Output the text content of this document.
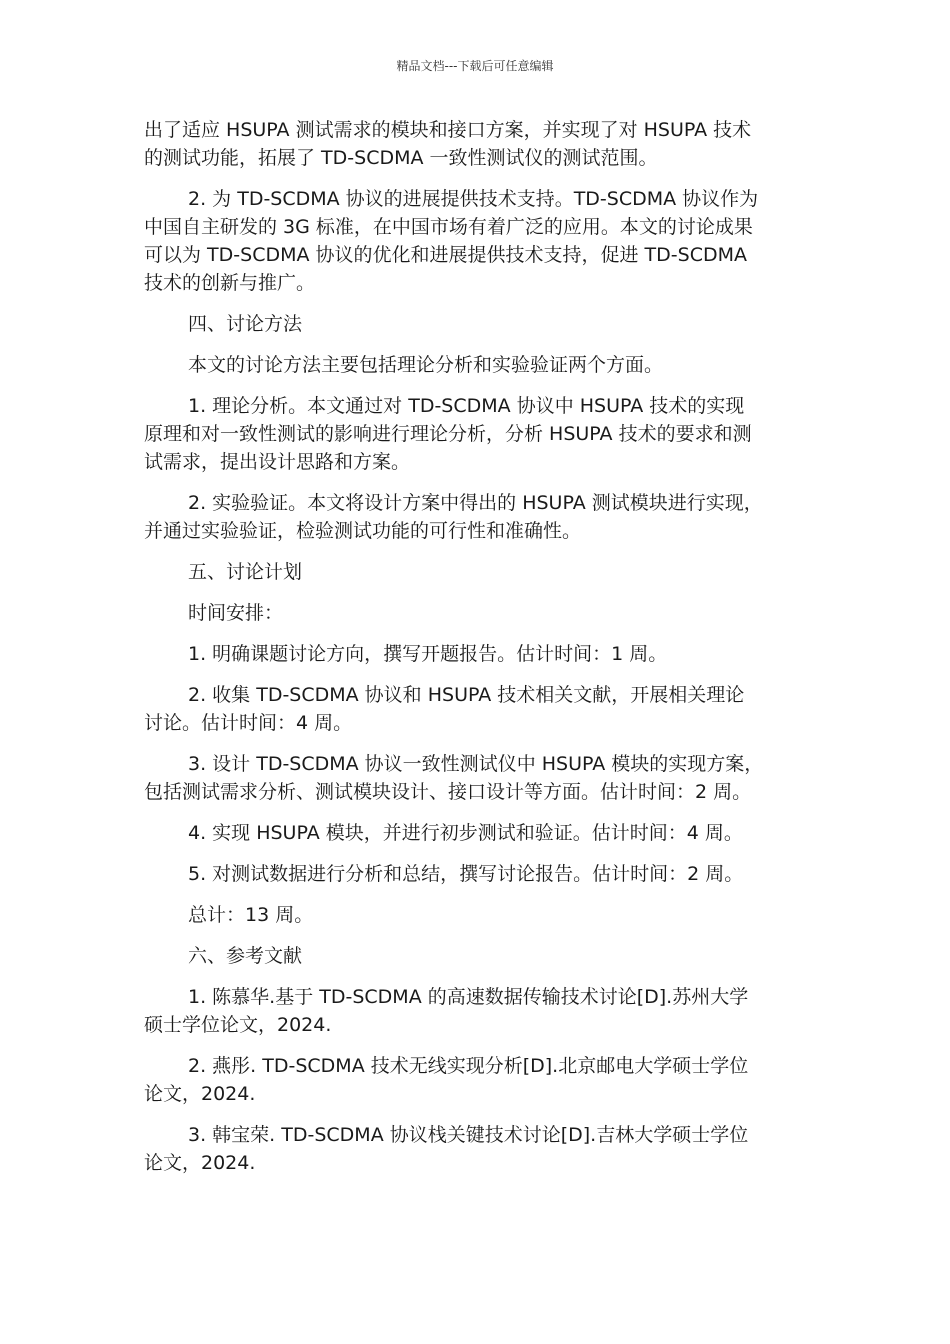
精品文档---下载后可任意编辑

出了适应 HSUPA 测试需求的模块和接口方案，并实现了对 HSUPA 技术
的测试功能，拓展了 TD-SCDMA 一致性测试仪的测试范围。

2. 为 TD-SCDMA 协议的进展提供技术支持。TD-SCDMA 协议作为
中国自主研发的 3G 标准，在中国市场有着广泛的应用。本文的讨论成果
可以为 TD-SCDMA 协议的优化和进展提供技术支持，促进 TD-SCDMA
技术的创新与推广。

四、讨论方法

本文的讨论方法主要包括理论分析和实验验证两个方面。

1. 理论分析。本文通过对 TD-SCDMA 协议中 HSUPA 技术的实现
原理和对一致性测试的影响进行理论分析，分析 HSUPA 技术的要求和测
试需求，提出设计思路和方案。

2. 实验验证。本文将设计方案中得出的 HSUPA 测试模块进行实现，
并通过实验验证，检验测试功能的可行性和准确性。

五、讨论计划

时间安排：

1. 明确课题讨论方向，撰写开题报告。估计时间：1 周。

2. 收集 TD-SCDMA 协议和 HSUPA 技术相关文献，开展相关理论
讨论。估计时间：4 周。

3. 设计 TD-SCDMA 协议一致性测试仪中 HSUPA 模块的实现方案，
包括测试需求分析、测试模块设计、接口设计等方面。估计时间：2 周。

4. 实现 HSUPA 模块，并进行初步测试和验证。估计时间：4 周。

5. 对测试数据进行分析和总结，撰写讨论报告。估计时间：2 周。

总计：13 周。

六、参考文献

1. 陈慕华.基于 TD-SCDMA 的高速数据传输技术讨论[D].苏州大学
硕士学位论文，2024.

2. 燕彤. TD-SCDMA 技术无线实现分析[D].北京邮电大学硕士学位
论文，2024.

3. 韩宝荣. TD-SCDMA 协议栈关键技术讨论[D].吉林大学硕士学位
论文，2024.
